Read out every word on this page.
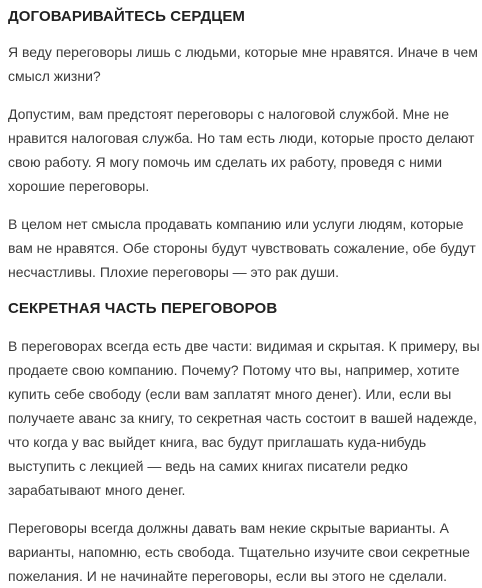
ДОГОВАРИВАЙТЕСЬ СЕРДЦЕМ

Я веду переговоры лишь с людьми, которые мне нравятся. Иначе в чем
смысл жизни?

Допустим, вам предстоят переговоры с налоговой службой. Мне не
нравится налоговая служба. Но там есть люди, которые просто делают
свою работу. Я могу помочь им сделать их работу, проведя с ними
хорошие переговоры.

В целом нет смысла продавать компанию или услуги людям, которые
вам не нравятся. Обе стороны будут чувствовать сожаление, обе будут
несчастливы. Плохие переговоры — это рак души.

СЕКРЕТНАЯ ЧАСТЬ ПЕРЕГОВОРОВ

В переговорах всегда есть две части: видимая и скрытая. К примеру, вы
продаете свою компанию. Почему? Потому что вы, например, хотите
купить себе свободу (если вам заплатят много денег). Или, если вы
получаете аванс за книгу, то секретная часть состоит в вашей надежде,
что когда у вас выйдет книга, вас будут приглашать куда-нибудь
выступить с лекцией — ведь на самих книгах писатели редко
зарабатывают много денег.

Переговоры всегда должны давать вам некие скрытые варианты. А
варианты, напомню, есть свобода. Тщательно изучите свои секретные
пожелания. И не начинайте переговоры, если вы этого не сделали.
